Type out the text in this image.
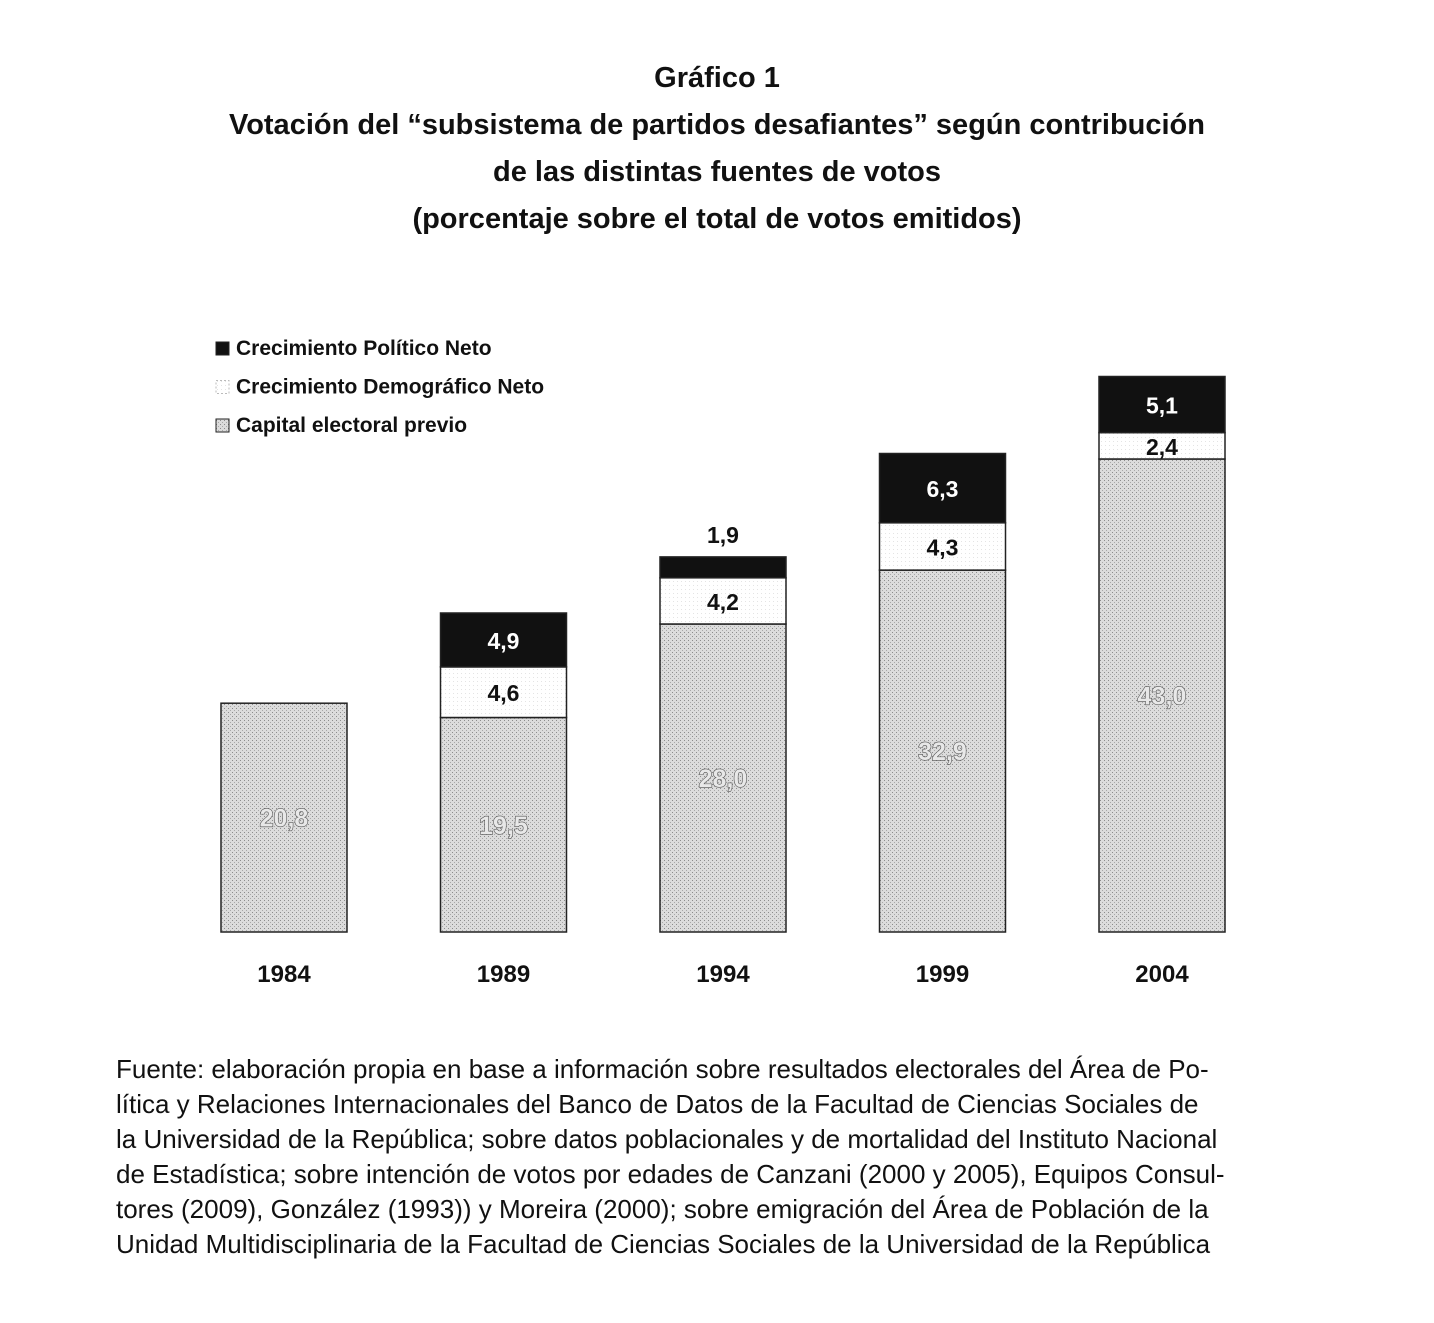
Gráfico 1
Votación del “subsistema de partidos desafiantes” según contribución
de las distintas fuentes de votos
(porcentaje sobre el total de votos emitidos)
Crecimiento Político Neto
Crecimiento Demográfico Neto
Capital electoral previo
20,8	19,5
4,6
4,9
28,0
4,2
1,9
32,9
4,3
6,3
43,0
2,4
5,1
1984	1989	1994	1999	2004
Fuente: elaboración propia en base a información sobre resultados electorales del Área de Po-
lítica y Relaciones Internacionales del Banco de Datos de la Facultad de Ciencias Sociales de
la Universidad de la República; sobre datos poblacionales y de mortalidad del Instituto Nacional
de Estadística; sobre intención de votos por edades de Canzani (2000 y 2005), Equipos Consul-
tores (2009), González (1993)) y Moreira (2000); sobre emigración del Área de Población de la
Unidad Multidisciplinaria de la Facultad de Ciencias Sociales de la Universidad de la República
